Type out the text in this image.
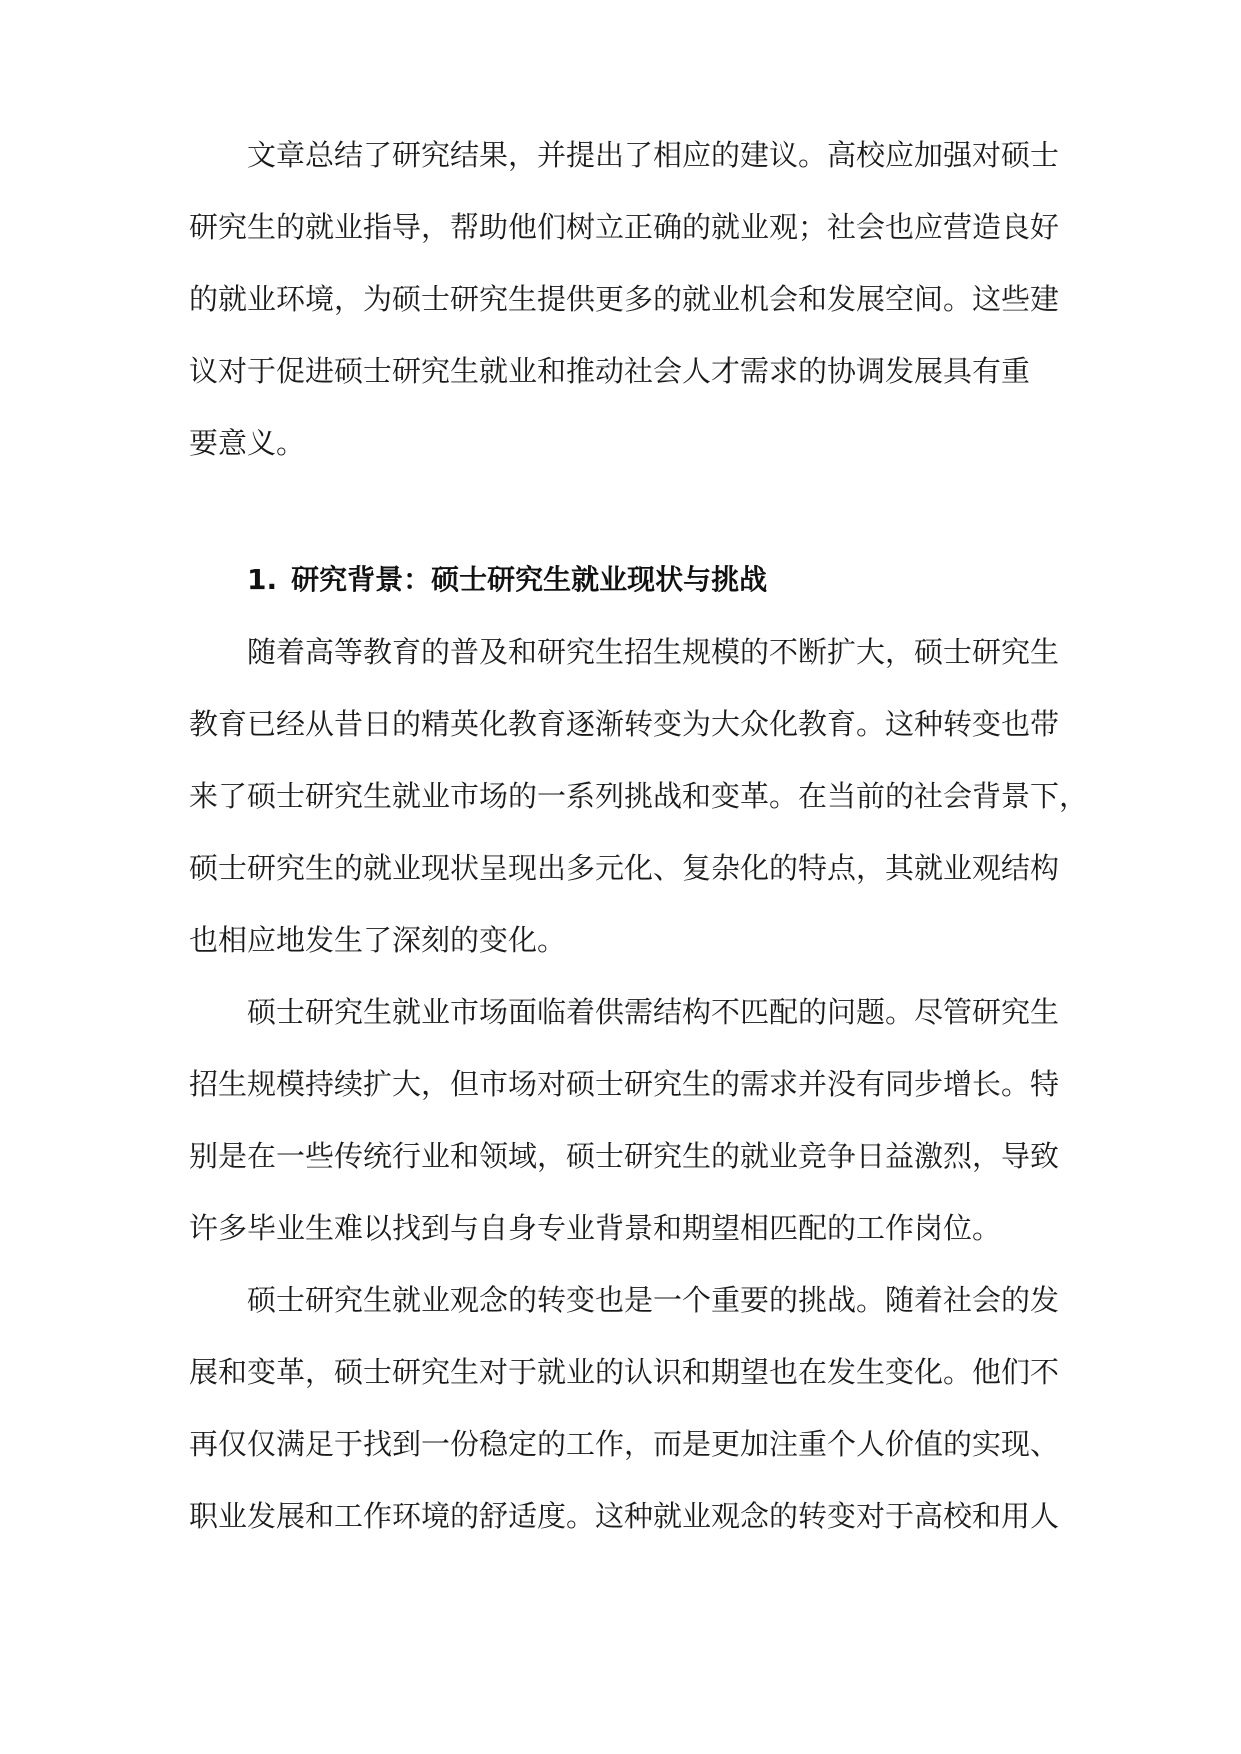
文章总结了研究结果，并提出了相应的建议。高校应加强对硕士
研究生的就业指导，帮助他们树立正确的就业观；社会也应营造良好
的就业环境，为硕士研究生提供更多的就业机会和发展空间。这些建
议对于促进硕士研究生就业和推动社会人才需求的协调发展具有重
要意义。
1. 研究背景：硕士研究生就业现状与挑战
随着高等教育的普及和研究生招生规模的不断扩大，硕士研究生
教育已经从昔日的精英化教育逐渐转变为大众化教育。这种转变也带
来了硕士研究生就业市场的一系列挑战和变革。在当前的社会背景下，
硕士研究生的就业现状呈现出多元化、复杂化的特点，其就业观结构
也相应地发生了深刻的变化。
硕士研究生就业市场面临着供需结构不匹配的问题。尽管研究生
招生规模持续扩大，但市场对硕士研究生的需求并没有同步增长。特
别是在一些传统行业和领域，硕士研究生的就业竞争日益激烈，导致
许多毕业生难以找到与自身专业背景和期望相匹配的工作岗位。
硕士研究生就业观念的转变也是一个重要的挑战。随着社会的发
展和变革，硕士研究生对于就业的认识和期望也在发生变化。他们不
再仅仅满足于找到一份稳定的工作，而是更加注重个人价值的实现、
职业发展和工作环境的舒适度。这种就业观念的转变对于高校和用人
